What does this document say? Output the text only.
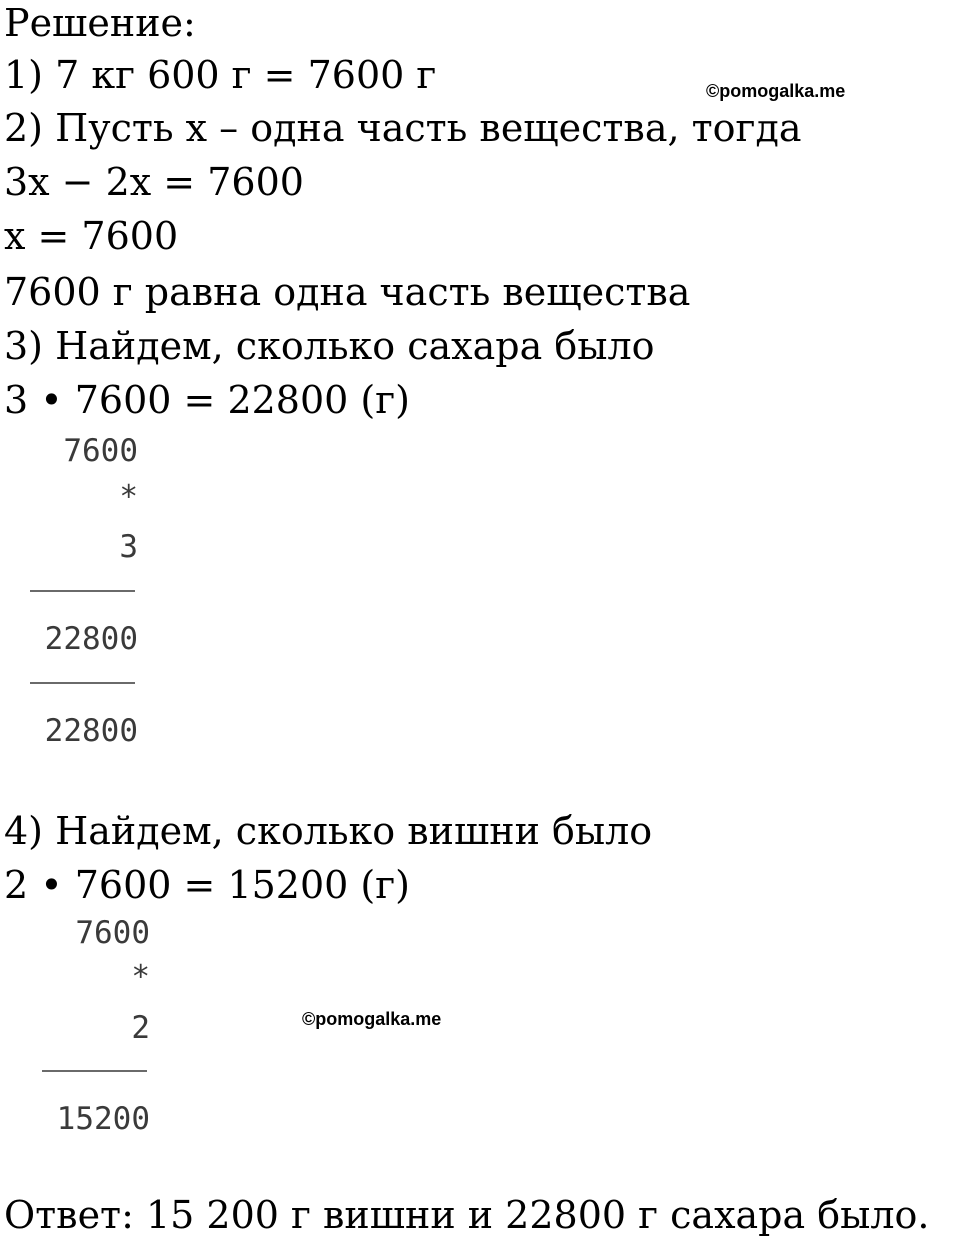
Решение:
1) 7 кг 600 г = 7600 г	©pomogalka.me
2) Пусть x – одна часть вещества, тогда
3x − 2x = 7600
x = 7600
7600 г равна одна часть вещества
3) Найдем, сколько сахара было
3 • 7600 = 22800 (г)
7600
*
3
22800
22800
4) Найдем, сколько вишни было
2 • 7600 = 15200 (г)
7600
*
2	©pomogalka.me
15200
Ответ: 15 200 г вишни и 22800 г сахара было.
